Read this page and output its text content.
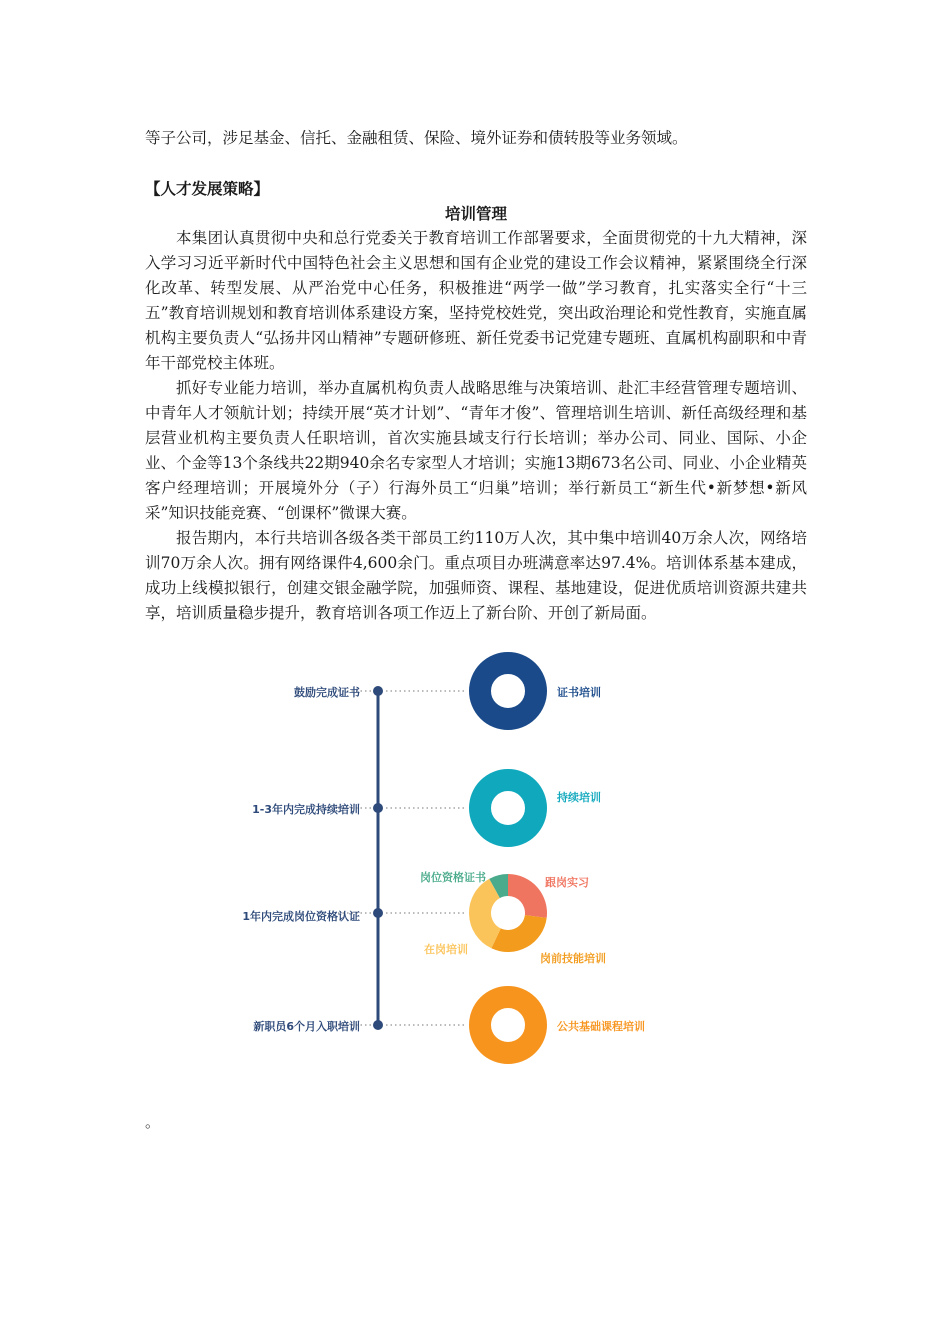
等子公司，涉足基金、信托、金融租赁、保险、境外证券和债转股等业务领域。
【人才发展策略】
培训管理

本集团认真贯彻中央和总行党委关于教育培训工作部署要求，全面贯彻党的十九大精神，深入学习习近平新时代中国特色社会主义思想和国有企业党的建设工作会议精神，紧紧围绕全行深化改革、转型发展、从严治党中心任务，积极推进“两学一做”学习教育，扎实落实全行“十三五”教育培训规划和教育培训体系建设方案，坚持党校姓党，突出政治理论和党性教育，实施直属机构主要负责人“弘扬井冈山精神”专题研修班、新任党委书记党建专题班、直属机构副职和中青年干部党校主体班。

抓好专业能力培训，举办直属机构负责人战略思维与决策培训、赴汇丰经营管理专题培训、中青年人才领航计划；持续开展“英才计划”、“青年才俊”、管理培训生培训、新任高级经理和基层营业机构主要负责人任职培训，首次实施县域支行行长培训；举办公司、同业、国际、小企业、个金等13个条线共22期940余名专家型人才培训；实施13期673名公司、同业、小企业精英客户经理培训；开展境外分（子）行海外员工“归巢”培训；举行新员工“新生代•新梦想•新风采”知识技能竞赛、“创课杯”微课大赛。

报告期内，本行共培训各级各类干部员工约110万人次，其中集中培训40万余人次，网络培训70万余人次。拥有网络课件4,600余门。重点项目办班满意率达97.4%。培训体系基本建成，成功上线模拟银行，创建交银金融学院，加强师资、课程、基地建设，促进优质培训资源共建共享，培训质量稳步提升，教育培训各项工作迈上了新台阶、开创了新局面。

鼓励完成证书
1-3年内完成持续培训
1年内完成岗位资格认证
新职员6个月入职培训
证书培训
持续培训
公共基础课程培训
岗位资格证书	跟岗实习
岗前技能培训
在岗培训
。
